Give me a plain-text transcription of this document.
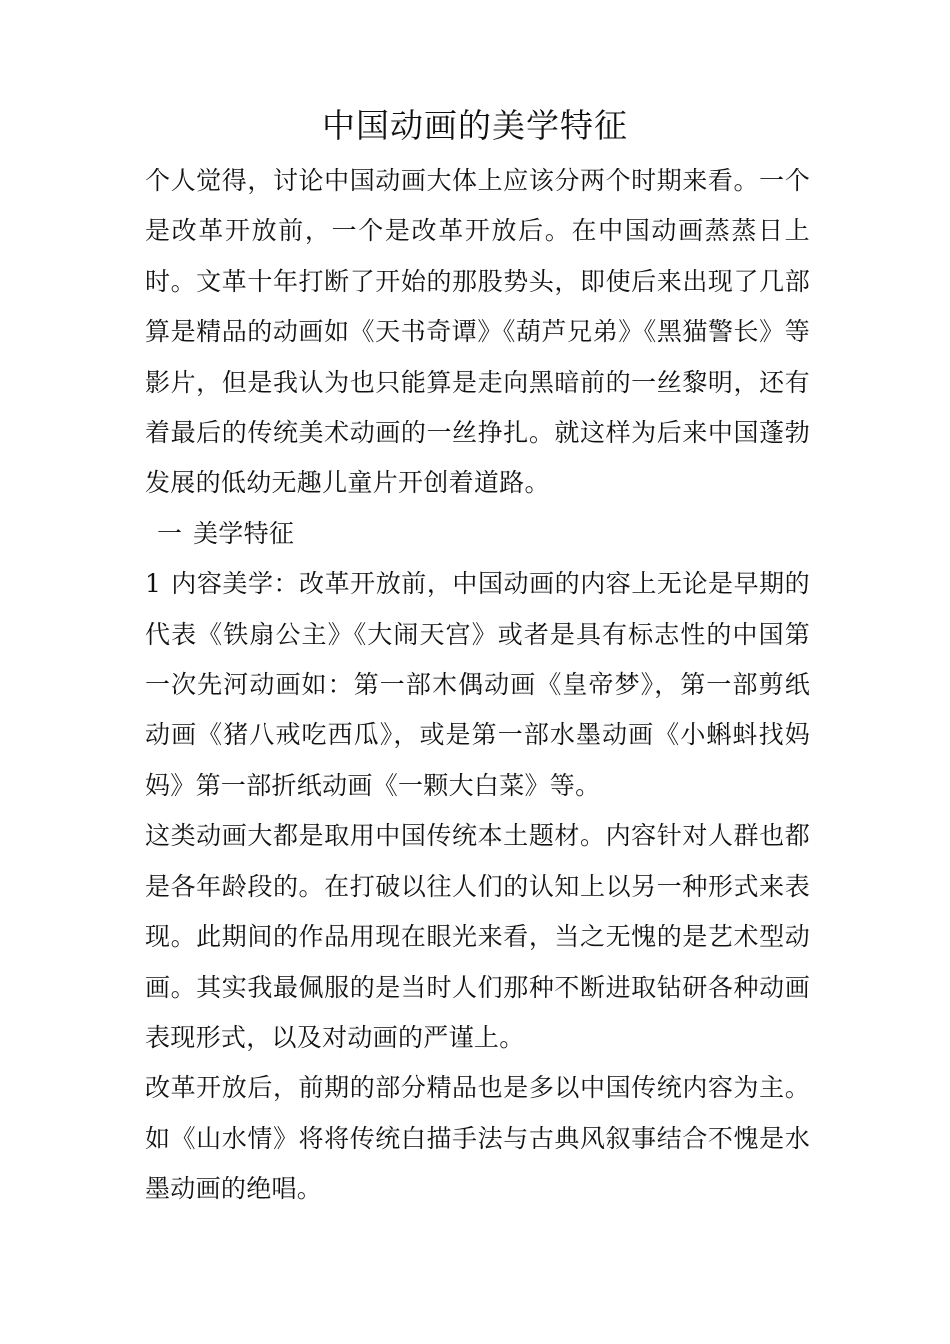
中国动画的美学特征

个人觉得，讨论中国动画大体上应该分两个时期来看。一个是改革开放前，一个是改革开放后。在中国动画蒸蒸日上时。文革十年打断了开始的那股势头，即使后来出现了几部算是精品的动画如《天书奇谭》《葫芦兄弟》《黑猫警长》等影片，但是我认为也只能算是走向黑暗前的一丝黎明，还有着最后的传统美术动画的一丝挣扎。就这样为后来中国蓬勃发展的低幼无趣儿童片开创着道路。

一 美学特征

1 内容美学：改革开放前，中国动画的内容上无论是早期的代表《铁扇公主》《大闹天宫》或者是具有标志性的中国第一次先河动画如：第一部木偶动画《皇帝梦》，第一部剪纸动画《猪八戒吃西瓜》，或是第一部水墨动画《小蝌蚪找妈妈》第一部折纸动画《一颗大白菜》等。

这类动画大都是取用中国传统本土题材。内容针对人群也都是各年龄段的。在打破以往人们的认知上以另一种形式来表现。此期间的作品用现在眼光来看，当之无愧的是艺术型动画。其实我最佩服的是当时人们那种不断进取钻研各种动画表现形式，以及对动画的严谨上。

改革开放后，前期的部分精品也是多以中国传统内容为主。如《山水情》将将传统白描手法与古典风叙事结合不愧是水墨动画的绝唱。
